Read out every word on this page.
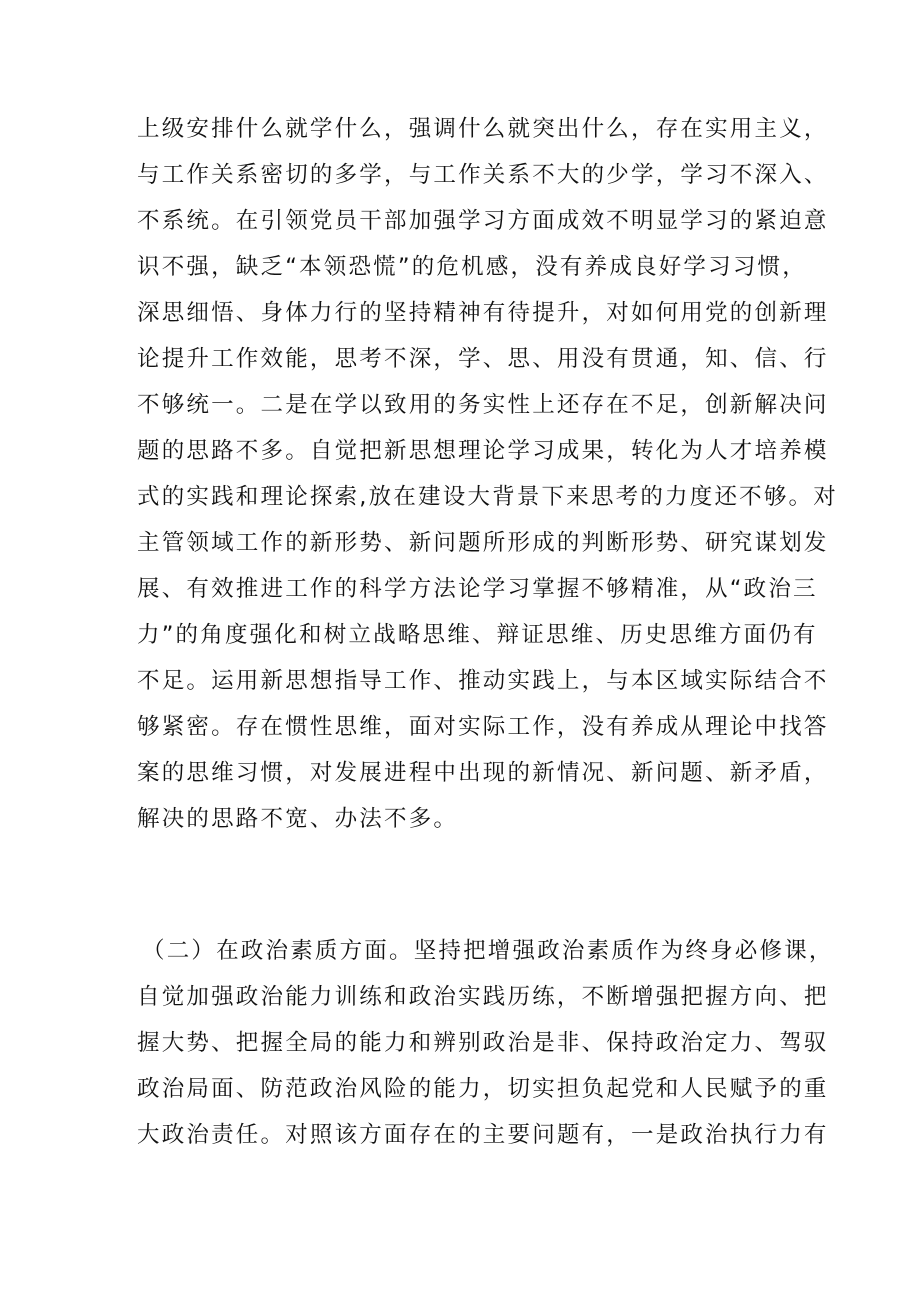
上级安排什么就学什么，强调什么就突出什么，存在实用主义，
与工作关系密切的多学，与工作关系不大的少学，学习不深入、
不系统。在引领党员干部加强学习方面成效不明显学习的紧迫意
识不强，缺乏“本领恐慌”的危机感，没有养成良好学习习惯，
深思细悟、身体力行的坚持精神有待提升，对如何用党的创新理
论提升工作效能，思考不深，学、思、用没有贯通，知、信、行
不够统一。二是在学以致用的务实性上还存在不足，创新解决问
题的思路不多。自觉把新思想理论学习成果，转化为人才培养模
式的实践和理论探索,放在建设大背景下来思考的力度还不够。对
主管领域工作的新形势、新问题所形成的判断形势、研究谋划发
展、有效推进工作的科学方法论学习掌握不够精准，从“政治三
力”的角度强化和树立战略思维、辩证思维、历史思维方面仍有
不足。运用新思想指导工作、推动实践上，与本区域实际结合不
够紧密。存在惯性思维，面对实际工作，没有养成从理论中找答
案的思维习惯，对发展进程中出现的新情况、新问题、新矛盾，
解决的思路不宽、办法不多。
（二）在政治素质方面。坚持把增强政治素质作为终身必修课，
自觉加强政治能力训练和政治实践历练，不断增强把握方向、把
握大势、把握全局的能力和辨别政治是非、保持政治定力、驾驭
政治局面、防范政治风险的能力，切实担负起党和人民赋予的重
大政治责任。对照该方面存在的主要问题有，一是政治执行力有
